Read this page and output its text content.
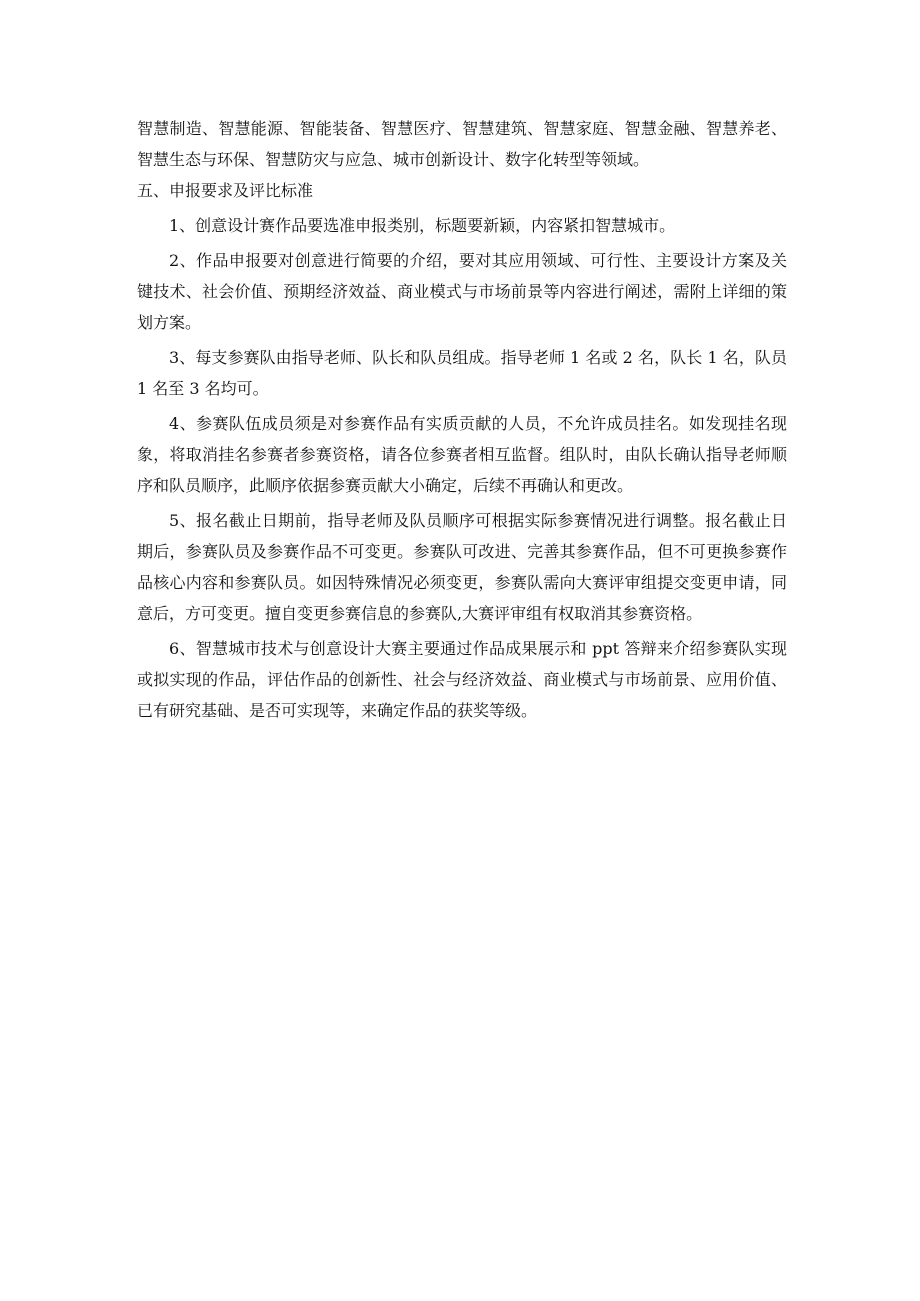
智慧制造、智慧能源、智能装备、智慧医疗、智慧建筑、智慧家庭、智慧金融、智慧养老、智慧生态与环保、智慧防灾与应急、城市创新设计、数字化转型等领域。

五、申报要求及评比标准

1、创意设计赛作品要选准申报类别，标题要新颖，内容紧扣智慧城市。

2、作品申报要对创意进行简要的介绍，要对其应用领域、可行性、主要设计方案及关键技术、社会价值、预期经济效益、商业模式与市场前景等内容进行阐述，需附上详细的策划方案。

3、每支参赛队由指导老师、队长和队员组成。指导老师 1 名或 2 名，队长 1 名，队员 1 名至 3 名均可。

4、参赛队伍成员须是对参赛作品有实质贡献的人员，不允许成员挂名。如发现挂名现象，将取消挂名参赛者参赛资格，请各位参赛者相互监督。组队时，由队长确认指导老师顺序和队员顺序，此顺序依据参赛贡献大小确定，后续不再确认和更改。

5、报名截止日期前，指导老师及队员顺序可根据实际参赛情况进行调整。报名截止日期后，参赛队员及参赛作品不可变更。参赛队可改进、完善其参赛作品，但不可更换参赛作品核心内容和参赛队员。如因特殊情况必须变更，参赛队需向大赛评审组提交变更申请，同意后，方可变更。擅自变更参赛信息的参赛队,大赛评审组有权取消其参赛资格。

6、智慧城市技术与创意设计大赛主要通过作品成果展示和 ppt 答辩来介绍参赛队实现或拟实现的作品，评估作品的创新性、社会与经济效益、商业模式与市场前景、应用价值、已有研究基础、是否可实现等，来确定作品的获奖等级。
